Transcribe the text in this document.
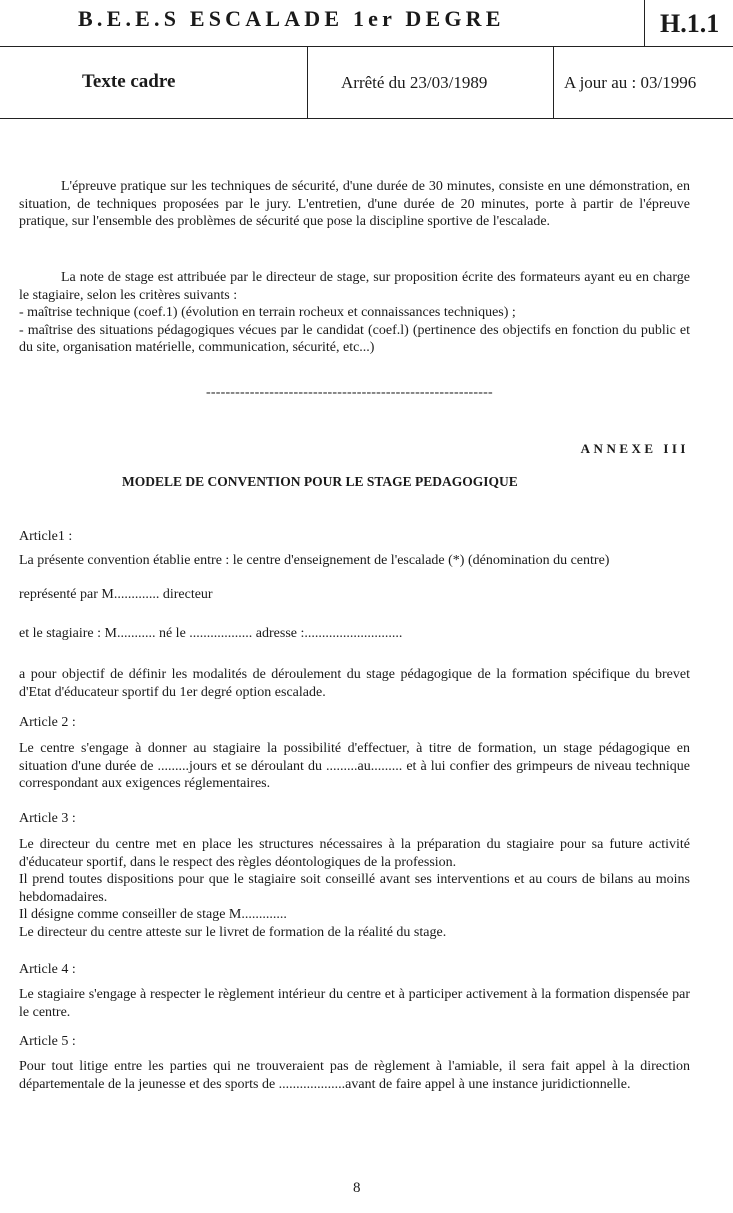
B.E.E.S ESCALADE 1er DEGRE	H.1.1
Texte cadre	Arrêté du 23/03/1989	A jour au : 03/1996
L'épreuve pratique sur les techniques de sécurité, d'une durée de 30 minutes, consiste en une démonstration, en situation, de techniques proposées par le jury. L'entretien, d'une durée de 20 minutes, porte à partir de l'épreuve pratique, sur l'ensemble des problèmes de sécurité que pose la discipline sportive de l'escalade.
La note de stage est attribuée par le directeur de stage, sur proposition écrite des formateurs ayant eu en charge le stagiaire, selon les critères suivants :
- maîtrise technique (coef.1) (évolution en terrain rocheux et connaissances techniques) ;
- maîtrise des situations pédagogiques vécues par le candidat (coef.l) (pertinence des objectifs en fonction du public et du site, organisation matérielle, communication, sécurité, etc...)
-----------------------------------------------------------
ANNEXE III
MODELE DE CONVENTION POUR LE STAGE PEDAGOGIQUE
Article1 :
La présente convention établie entre : le centre d'enseignement de l'escalade (*) (dénomination du centre)
représenté par M............. directeur
et le stagiaire : M........... né le .................. adresse :............................
a pour objectif de définir les modalités de déroulement du stage pédagogique de la formation spécifique du brevet d'Etat d'éducateur sportif du 1er degré option escalade.
Article 2 :
Le centre s'engage à donner au stagiaire la possibilité d'effectuer, à titre de formation, un stage pédagogique en situation d'une durée de .........jours et se déroulant du .........au......... et à lui confier des grimpeurs de niveau technique correspondant aux exigences réglementaires.
Article 3 :
Le directeur du centre met en place les structures nécessaires à la préparation du stagiaire pour sa future activité d'éducateur sportif, dans le respect des règles déontologiques de la profession.
Il prend toutes dispositions pour que le stagiaire soit conseillé avant ses interventions et au cours de bilans au moins hebdomadaires.
Il désigne comme conseiller de stage M.............
Le directeur du centre atteste sur le livret de formation de la réalité du stage.
Article 4 :
Le stagiaire s'engage à respecter le règlement intérieur du centre et à participer activement à la formation dispensée par le centre.
Article 5 :
Pour tout litige entre les parties qui ne trouveraient pas de règlement à l'amiable, il sera fait appel à la direction départementale de la jeunesse et des sports de ...................avant de faire appel à une instance juridictionnelle.
8
